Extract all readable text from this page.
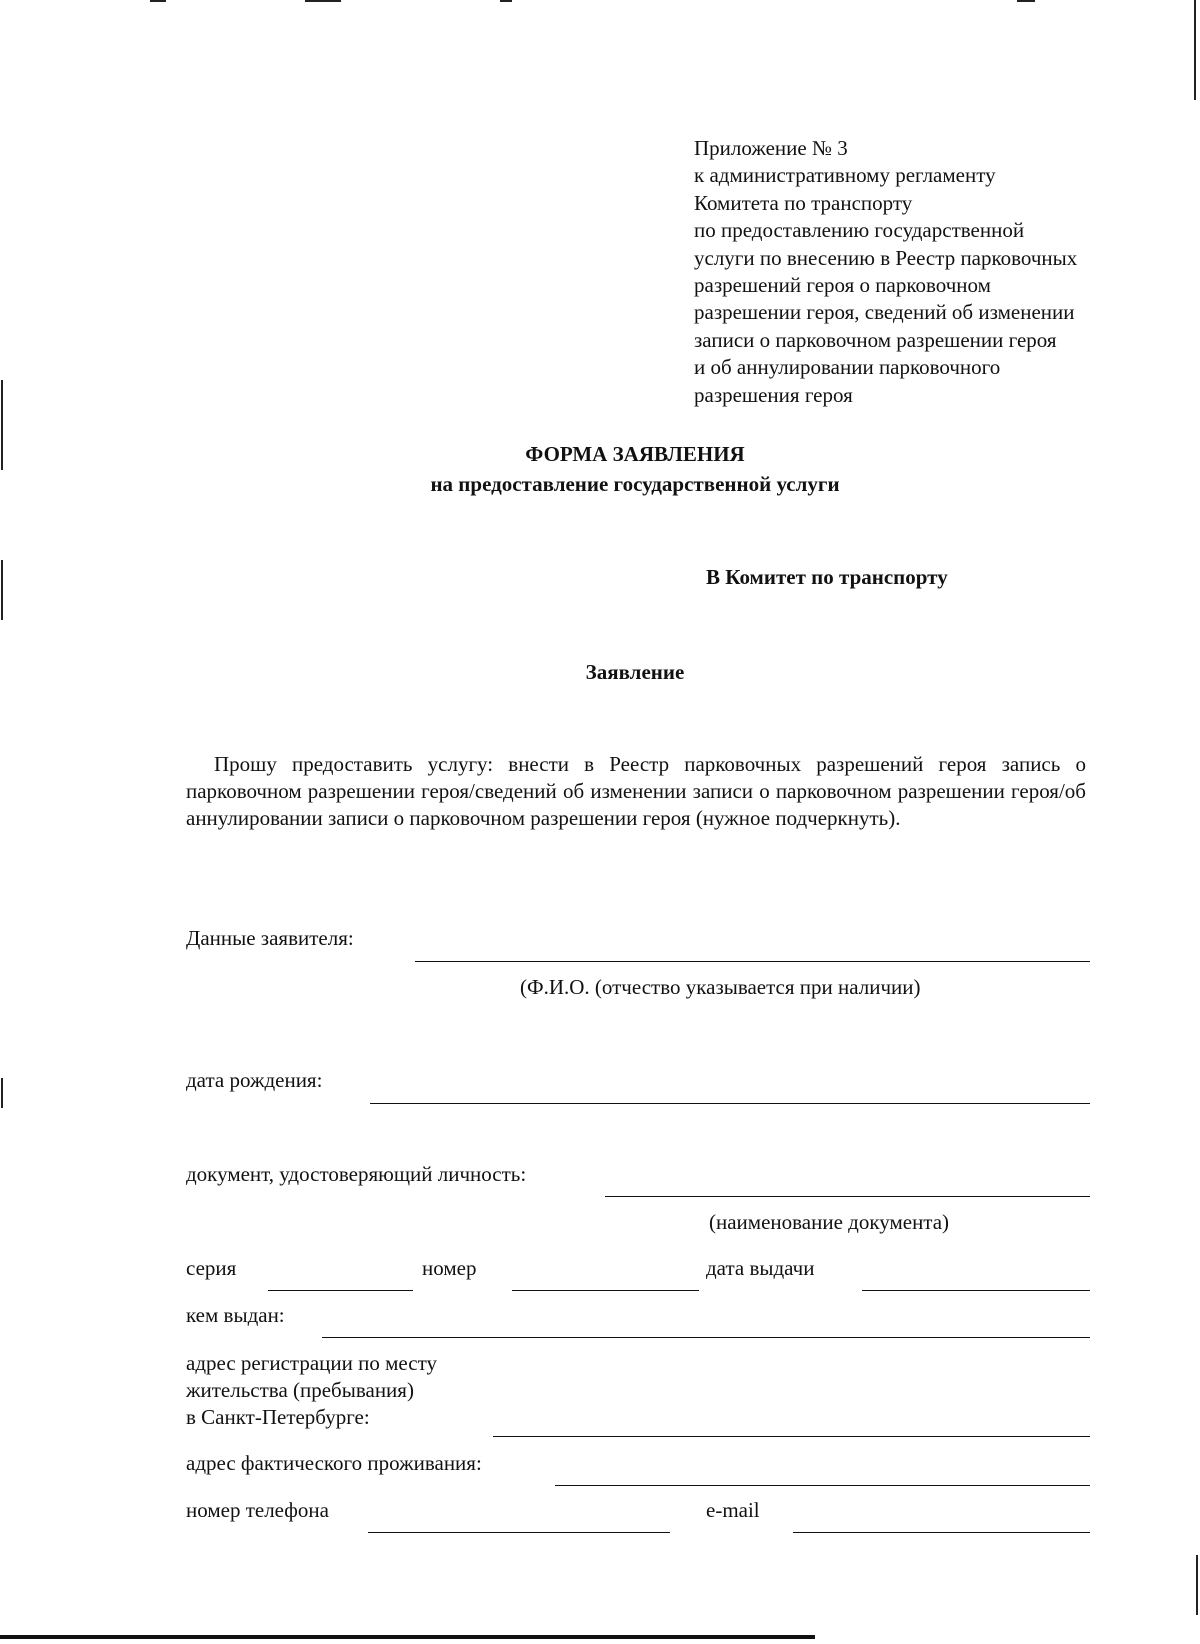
Приложение № 3
к административному регламенту
Комитета по транспорту
по предоставлению государственной
услуги по внесению в Реестр парковочных
разрешений героя о парковочном
разрешении героя, сведений об изменении
записи о парковочном разрешении героя
и об аннулировании парковочного
разрешения героя
ФОРМА ЗАЯВЛЕНИЯ
на предоставление государственной услуги
В Комитет по транспорту
Заявление
Прошу предоставить услугу: внести в Реестр парковочных разрешений героя запись о парковочном разрешении героя/сведений об изменении записи о парковочном разрешении героя/об аннулировании записи о парковочном разрешении героя (нужное подчеркнуть).
Данные заявителя:
(Ф.И.О. (отчество указывается при наличии)
дата рождения:
документ, удостоверяющий личность:
(наименование документа)
серия	номер	дата выдачи
кем выдан:
адрес регистрации по месту
жительства (пребывания)
в Санкт-Петербурге:
адрес фактического проживания:
номер телефона	e-mail
